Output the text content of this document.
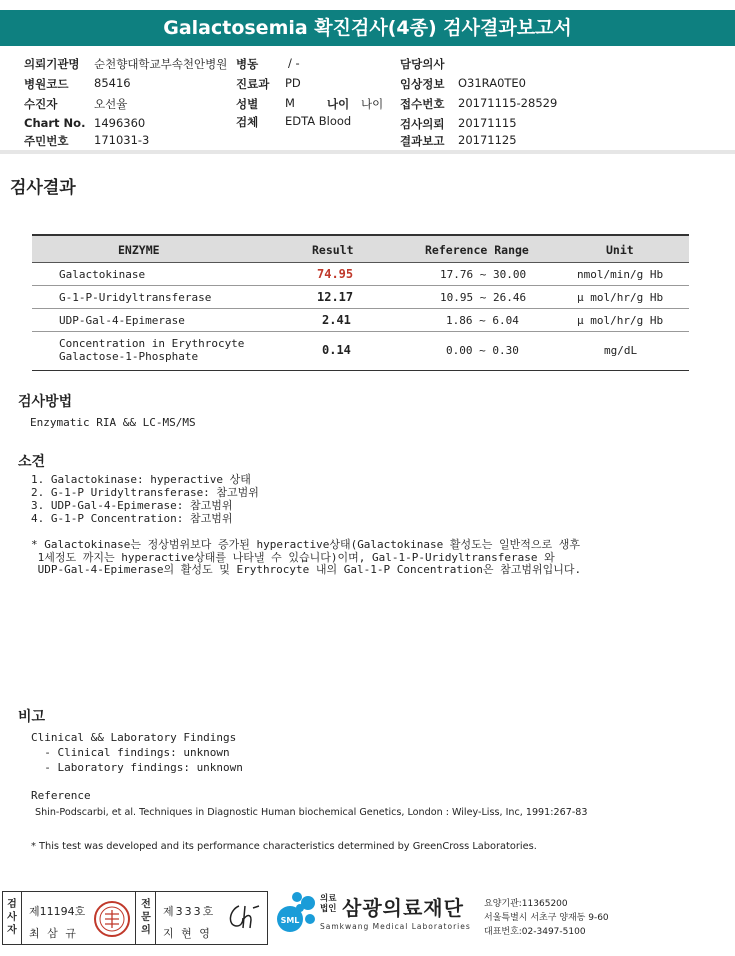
Galactosemia 확진검사(4종) 검사결과보고서
의뢰기관명 순천향대학교부속천안병원
병원코드 85416
수진자	오선율
Chart No. 1496360
주민번호 171031-3
병동	/ -
진료과 PD
성별 M
검체 EDTA Blood
나이 나이
담당의사
임상정보 O31RA0TE0
접수번호 20171115-28529
검사의뢰 20171115
결과보고 20171125
검사결과
ENZYME	Result	Reference Range	Unit
Galactokinase	74.95	17.76 ~ 30.00	nmol/min/g Hb
G-1-P-Uridyltransferase	12.17	10.95 ~ 26.46	μ mol/hr/g Hb
UDP-Gal-4-Epimerase	2.41	1.86 ~ 6.04	μ mol/hr/g Hb
Concentration in Erythrocyte
Galactose-1-Phosphate	0.14	0.00 ~ 0.30	mg/dL
검사방법
Enzymatic RIA && LC-MS/MS
소견
1. Galactokinase: hyperactive 상태
2. G-1-P Uridyltransferase: 참고범위
3. UDP-Gal-4-Epimerase: 참고범위
4. G-1-P Concentration: 참고범위
* Galactokinase는 정상범위보다 증가된 hyperactive상태(Galactokinase 활성도는 일반적으로 생후
1세정도 까지는 hyperactive상태를 나타낼 수 있습니다)이며, Gal-1-P-Uridyltransferase 와
UDP-Gal-4-Epimerase의 활성도 및 Erythrocyte 내의 Gal-1-P Concentration은 참고범위입니다.
비고
Clinical && Laboratory Findings
- Clinical findings: unknown
- Laboratory findings: unknown
Reference
Shin-Podscarbi, et al. Techniques in Diagnostic Human biochemical Genetics, London : Wiley-Liss, Inc, 1991:267-83
* This test was developed and its performance characteristics determined by GreenCross Laboratories.
검사자
제11194호
최 삼 규
전문의
제333호
지 현 영
SML
의료법인 삼광의료재단
Samkwang Medical Laboratories
요양기관:11365200
서울특별시 서초구 양재동 9-60
대표번호:02-3497-5100
